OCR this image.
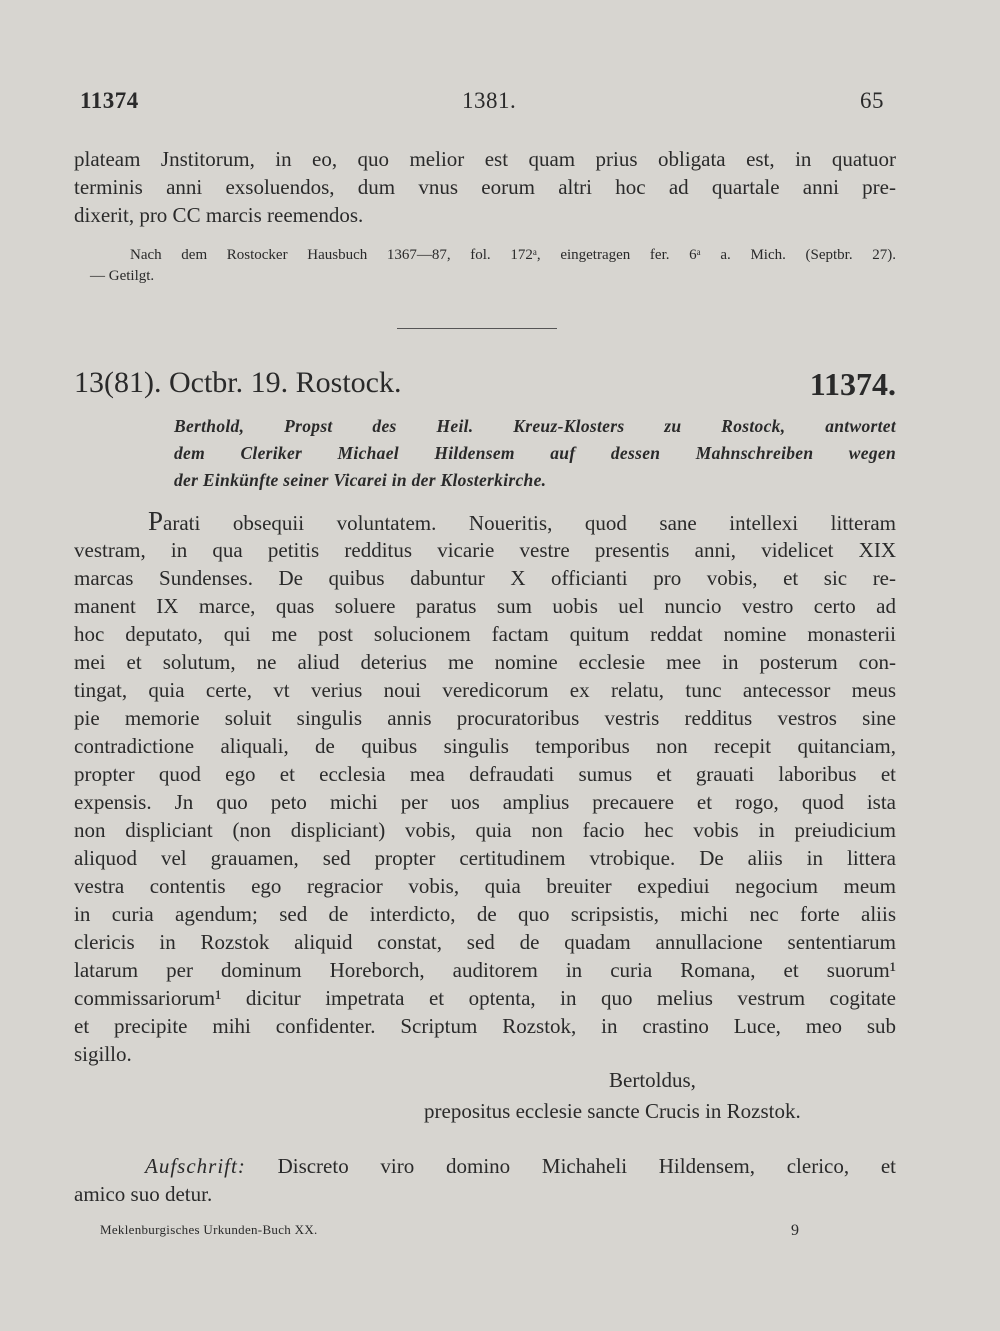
11374	1381.	65
plateam Jnstitorum, in eo, quo melior est quam prius obligata est, in quatuor
terminis anni exsoluendos, dum vnus eorum altri hoc ad quartale anni pre-
dixerit, pro CC marcis reemendos.
Nach dem Rostocker Hausbuch 1367—87, fol. 172ᵃ, eingetragen fer. 6ᵃ a. Mich. (Septbr. 27).
— Getilgt.
13(81). Octbr. 19. Rostock.	11374.
Berthold, Propst des Heil. Kreuz-Klosters zu Rostock, antwortet
dem Cleriker Michael Hildensem auf dessen Mahnschreiben wegen
der Einkünfte seiner Vicarei in der Klosterkirche.
Parati obsequii voluntatem. Noueritis, quod sane intellexi litteram
vestram, in qua petitis redditus vicarie vestre presentis anni, videlicet XIX
marcas Sundenses. De quibus dabuntur X officianti pro vobis, et sic re-
manent IX marce, quas soluere paratus sum uobis uel nuncio vestro certo ad
hoc deputato, qui me post solucionem factam quitum reddat nomine monasterii
mei et solutum, ne aliud deterius me nomine ecclesie mee in posterum con-
tingat, quia certe, vt verius noui veredicorum ex relatu, tunc antecessor meus
pie memorie soluit singulis annis procuratoribus vestris redditus vestros sine
contradictione aliquali, de quibus singulis temporibus non recepit quitanciam,
propter quod ego et ecclesia mea defraudati sumus et grauati laboribus et
expensis. Jn quo peto michi per uos amplius precauere et rogo, quod ista
non displiciant (non displiciant) vobis, quia non facio hec vobis in preiudicium
aliquod vel grauamen, sed propter certitudinem vtrobique. De aliis in littera
vestra contentis ego regracior vobis, quia breuiter expediui negocium meum
in curia agendum; sed de interdicto, de quo scripsistis, michi nec forte aliis
clericis in Rozstok aliquid constat, sed de quadam annullacione sententiarum
latarum per dominum Horeborch, auditorem in curia Romana, et suorum¹
commissariorum¹ dicitur impetrata et optenta, in quo melius vestrum cogitate
et precipite mihi confidenter. Scriptum Rozstok, in crastino Luce, meo sub
sigillo.
Bertoldus,
prepositus ecclesie sancte Crucis in Rozstok.
Aufschrift: Discreto viro domino Michaheli Hildensem, clerico, et
amico suo detur.
Meklenburgisches Urkunden-Buch XX.	9
